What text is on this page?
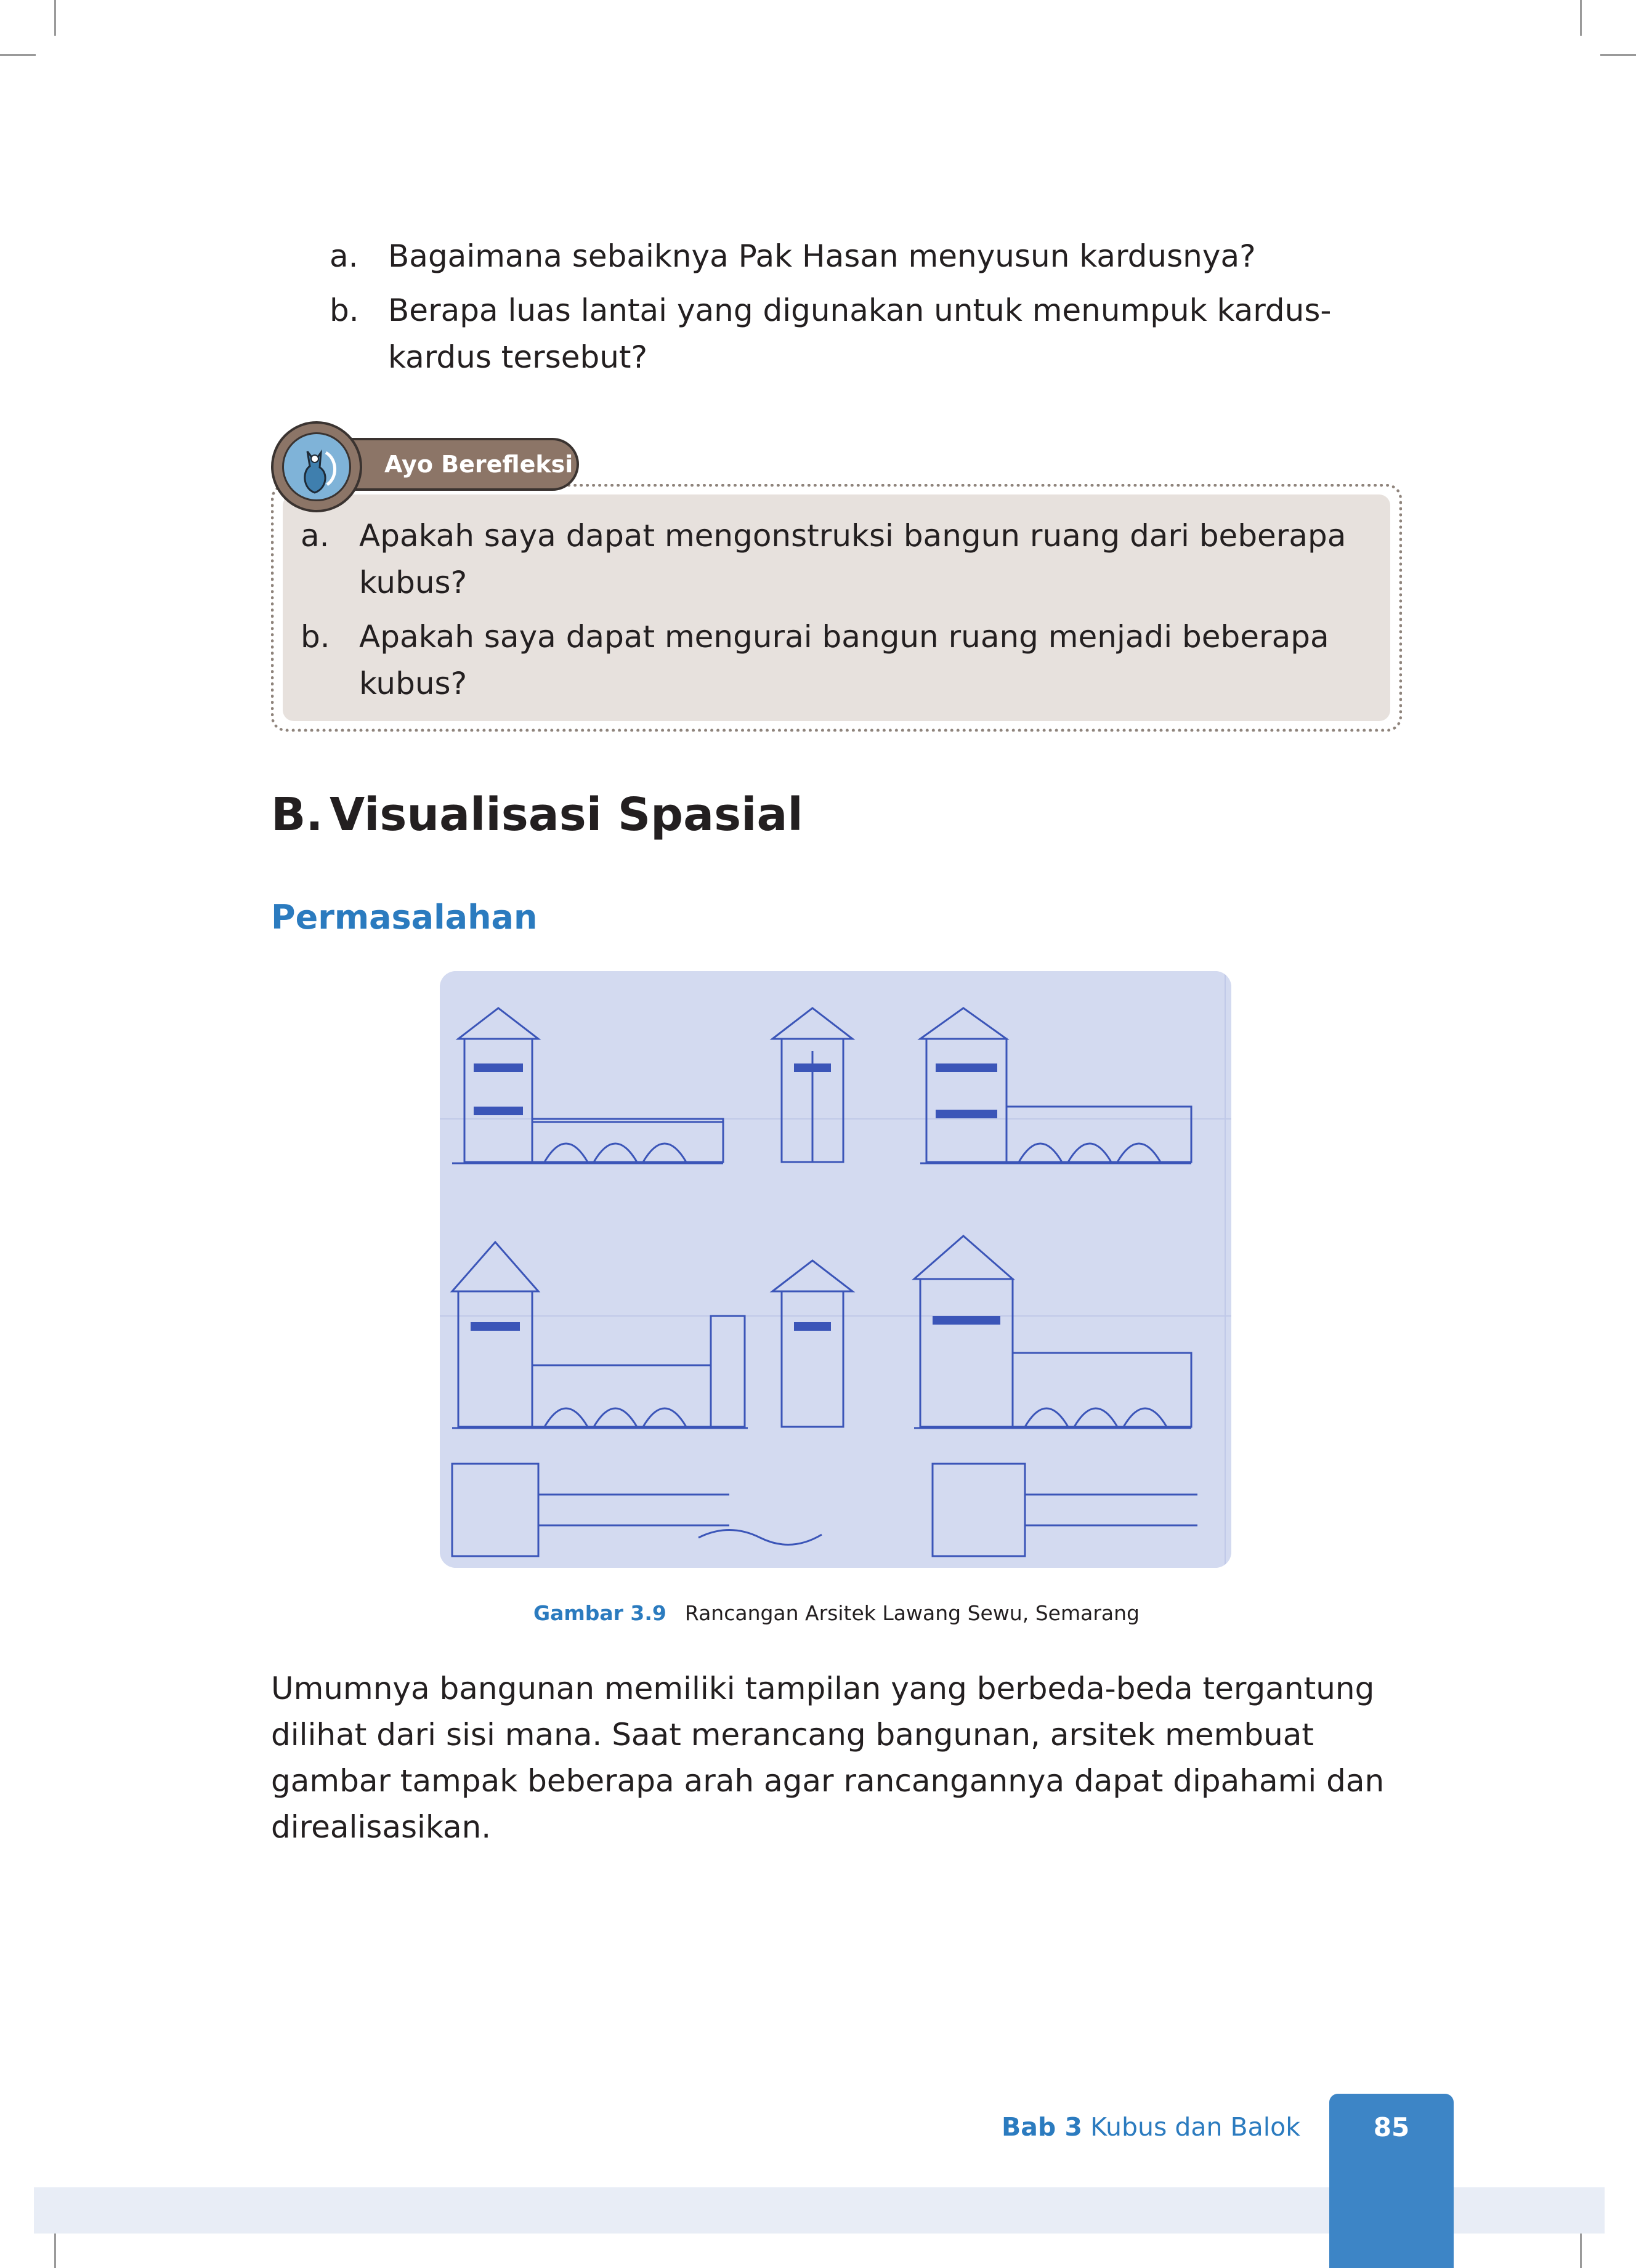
a. Bagaimana sebaiknya Pak Hasan menyusun kardusnya?
b. Berapa luas lantai yang digunakan untuk menumpuk kardus-kardus tersebut?
Ayo Berefleksi
a. Apakah saya dapat mengonstruksi bangun ruang dari beberapa kubus?
b. Apakah saya dapat mengurai bangun ruang menjadi beberapa kubus?
B. Visualisasi Spasial
Permasalahan
Gambar 3.9 Rancangan Arsitek Lawang Sewu, Semarang

Umumnya bangunan memiliki tampilan yang berbeda-beda tergantung dilihat dari sisi mana. Saat merancang bangunan, arsitek membuat gambar tampak beberapa arah agar rancangannya dapat dipahami dan direalisasikan.

Bab 3 Kubus dan Balok	85
